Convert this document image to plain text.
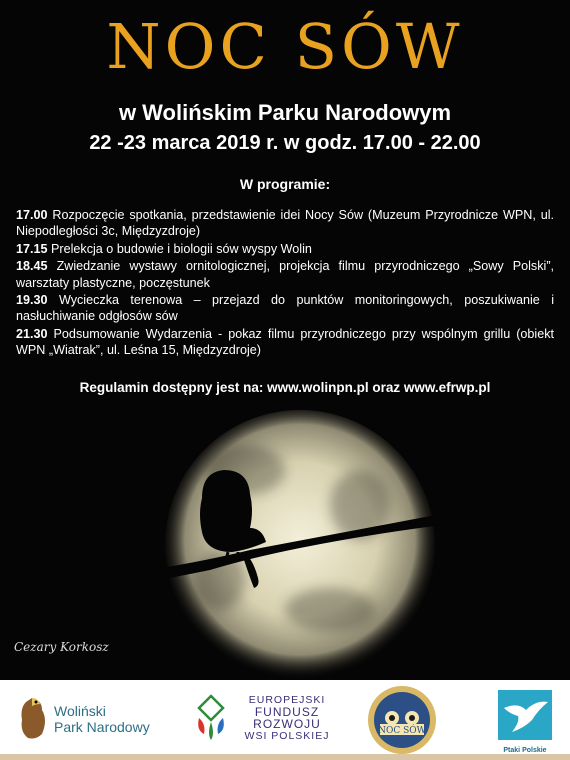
NOC SÓW
w Wolińskim Parku Narodowym
22 -23 marca 2019 r. w godz. 17.00 - 22.00
W programie:
17.00 Rozpoczęcie spotkania, przedstawienie idei Nocy Sów (Muzeum Przyrodnicze WPN, ul. Niepodległości 3c, Międzyzdroje)
17.15 Prelekcja o budowie i biologii sów wyspy Wolin
18.45 Zwiedzanie wystawy ornitologicznej, projekcja filmu przyrodniczego „Sowy Polski”, warsztaty plastyczne, poczęstunek
19.30 Wycieczka terenowa – przejazd do punktów monitoringowych, poszukiwanie i nasłuchiwanie odgłosów sów
21.30 Podsumowanie Wydarzenia - pokaz filmu przyrodniczego przy wspólnym grillu (obiekt WPN „Wiatrak”, ul. Leśna 15, Międzyzdroje)
Regulamin dostępny jest na: www.wolinpn.pl oraz www.efrwp.pl
Cezary Korkosz
Woliński
Park Narodowy
EUROPEJSKI
FUNDUSZ
ROZWOJU
WSI POLSKIEJ	NOC SÓW
Ptaki Polskie
